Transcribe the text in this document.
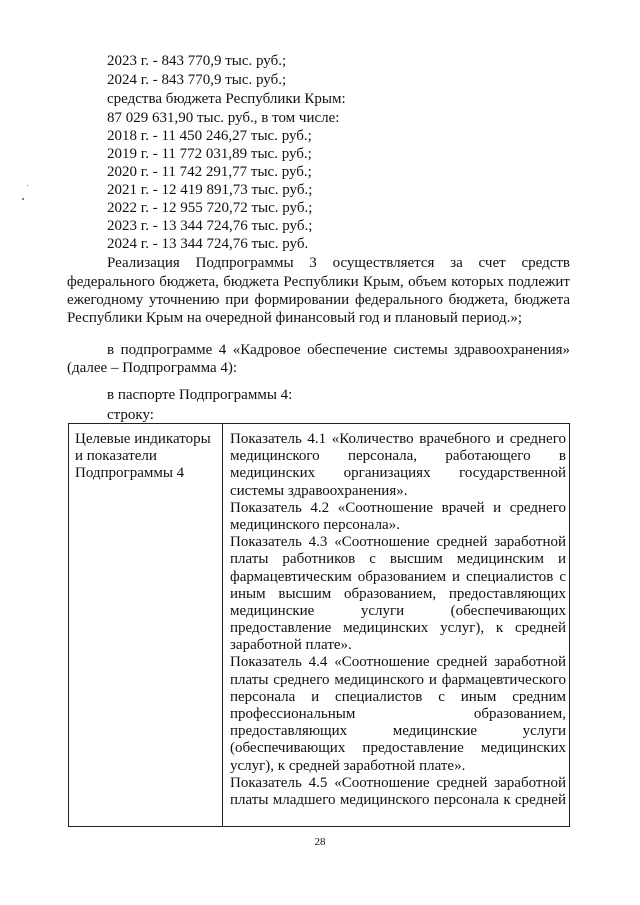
2023 г. - 843 770,9 тыс. руб.;
2024 г. - 843 770,9 тыс. руб.;
средства бюджета Республики Крым:
87 029 631,90 тыс. руб., в том числе:
2018 г. - 11 450 246,27 тыс. руб.;
2019 г. - 11 772 031,89 тыс. руб.;
2020 г. - 11 742 291,77 тыс. руб.;
2021 г. - 12 419 891,73 тыс. руб.;
2022 г. - 12 955 720,72 тыс. руб.;
2023 г. - 13 344 724,76 тыс. руб.;
2024 г. - 13 344 724,76 тыс. руб.
Реализация Подпрограммы 3 осуществляется за счет средств
федерального бюджета, бюджета Республики Крым, объем которых подлежит
ежегодному уточнению при формировании федерального бюджета, бюджета
Республики Крым на очередной финансовый год и плановый период.»;
в подпрограмме 4 «Кадровое обеспечение системы здравоохранения»
(далее – Подпрограмма 4):
в паспорте Подпрограммы 4:
строку:
Целевые индикаторы
и показатели
Подпрограммы 4
Показатель 4.1 «Количество врачебного и среднего
медицинского персонала, работающего в
медицинских организациях государственной
системы здравоохранения».
Показатель 4.2 «Соотношение врачей и среднего
медицинского персонала».
Показатель 4.3 «Соотношение средней заработной
платы работников с высшим медицинским и
фармацевтическим образованием и специалистов с
иным высшим образованием, предоставляющих
медицинские услуги (обеспечивающих
предоставление медицинских услуг), к средней
заработной плате».
Показатель 4.4 «Соотношение средней заработной
платы среднего медицинского и фармацевтического
персонала и специалистов с иным средним
профессиональным образованием,
предоставляющих медицинские услуги
(обеспечивающих предоставление медицинских
услуг), к средней заработной плате».
Показатель 4.5 «Соотношение средней заработной
платы младшего медицинского персонала к средней
28
